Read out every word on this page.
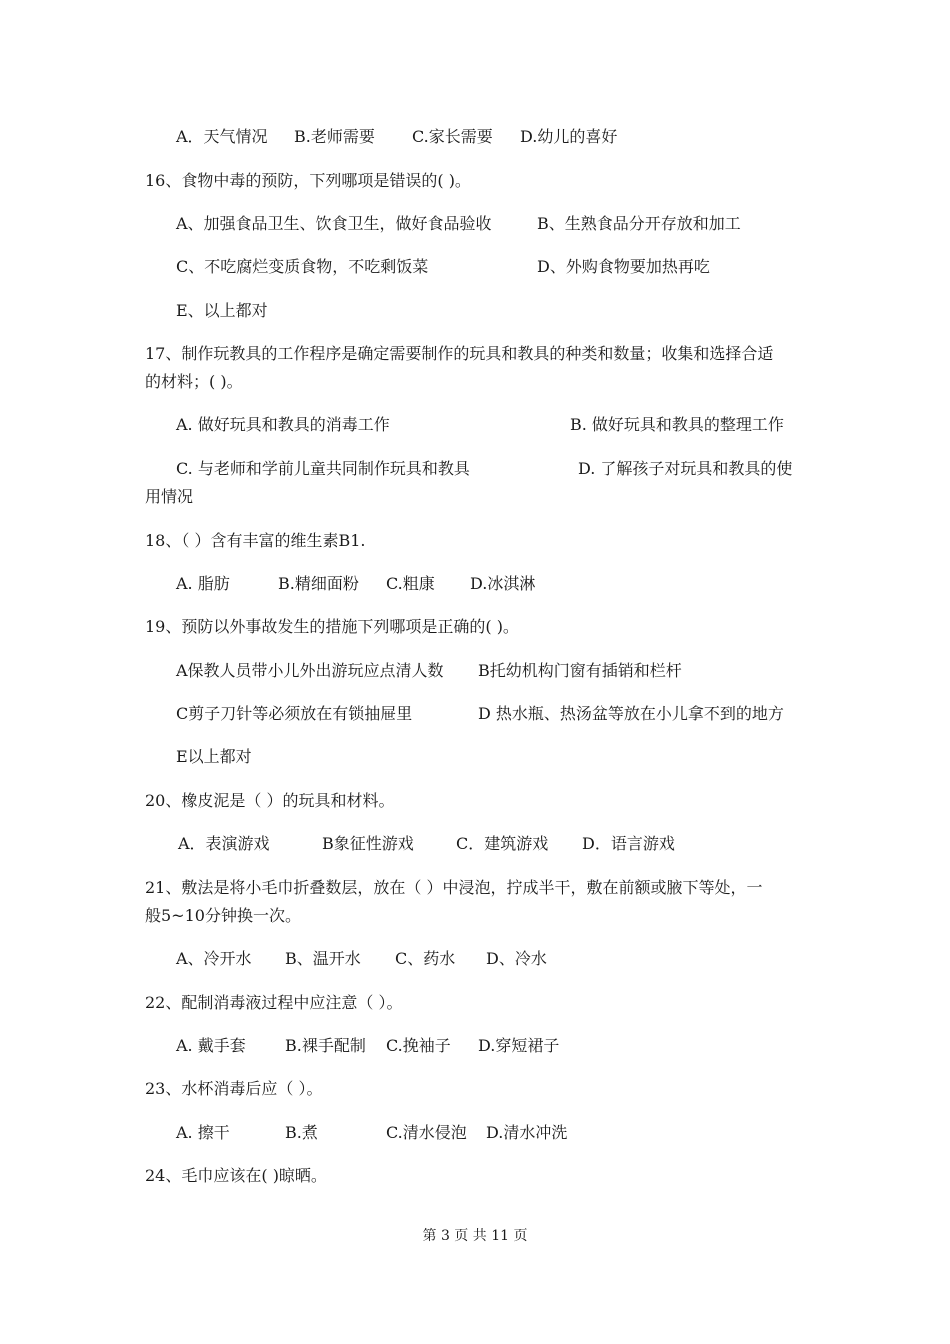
A．天气情况 B.老师需要 C.家长需要 D.幼儿的喜好
16、食物中毒的预防，下列哪项是错误的( )。
A、加强食品卫生、饮食卫生，做好食品验收	B、生熟食品分开存放和加工
C、不吃腐烂变质食物，不吃剩饭菜	D、外购食物要加热再吃
E、以上都对
17、制作玩教具的工作程序是确定需要制作的玩具和教具的种类和数量；收集和选择合适
的材料；( )。
A. 做好玩具和教具的消毒工作	B. 做好玩具和教具的整理工作
C. 与老师和学前儿童共同制作玩具和教具	D. 了解孩子对玩具和教具的使
用情况
18、（ ）含有丰富的维生素B1.
A. 脂肪	B.精细面粉 C.粗康 D.冰淇淋
19、预防以外事故发生的措施下列哪项是正确的( )。
A保教人员带小儿外出游玩应点清人数 B托幼机构门窗有插销和栏杆
C剪子刀针等必须放在有锁抽屉里	D 热水瓶、热汤盆等放在小儿拿不到的地方
E以上都对
20、橡皮泥是（ ）的玩具和材料。
A．表演游戏	B象征性游戏	C．建筑游戏 D．语言游戏
21、敷法是将小毛巾折叠数层，放在（ ）中浸泡，拧成半干，敷在前额或腋下等处，一
般5~10分钟换一次。
A、冷开水 B、温开水 C、药水 D、冷水
22、配制消毒液过程中应注意（ ）。
A. 戴手套 B.裸手配制 C.挽袖子 D.穿短裙子
23、水杯消毒后应（ ）。
A. 擦干	B.煮	C.清水侵泡 D.清水冲洗
24、毛巾应该在( )晾晒。
第 3 页 共 11 页
